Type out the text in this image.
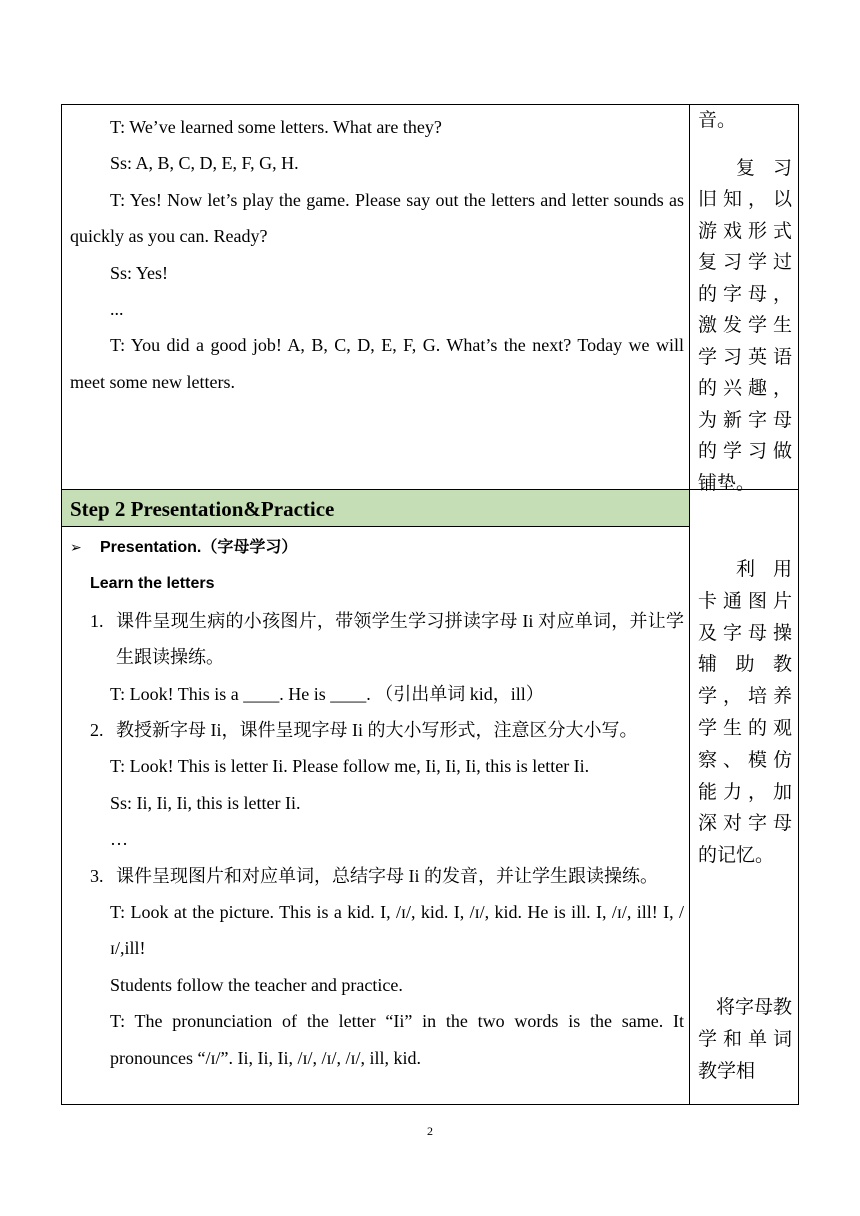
T: We’ve learned some letters. What are they?

Ss: A, B, C, D, E, F, G, H.

T: Yes! Now let’s play the game. Please say out the letters and letter sounds as quickly as you can. Ready?

Ss: Yes!

...

T: You did a good job! A, B, C, D, E, F, G. What’s the next? Today we will meet some new letters.

音。

复习旧知，以游戏形式复习学过的字母，激发学生学习英语的兴趣，为新字母的学习做铺垫。

Step 2 Presentation&Practice

➢ Presentation.（字母学习）

Learn the letters

1. 课件呈现生病的小孩图片，带领学生学习拼读字母 Ii 对应单词，并让学生跟读操练。

T: Look! This is a ____. He is ____. （引出单词 kid，ill）

2. 教授新字母 Ii，课件呈现字母 Ii 的大小写形式，注意区分大小写。

T: Look! This is letter Ii. Please follow me, Ii, Ii, Ii, this is letter Ii.

Ss: Ii, Ii, Ii, this is letter Ii.

…

3. 课件呈现图片和对应单词，总结字母 Ii 的发音，并让学生跟读操练。

T: Look at the picture. This is a kid. I, /ɪ/, kid. I, /ɪ/, kid. He is ill. I, /ɪ/, ill! I, /ɪ/,ill!

Students follow the teacher and practice.

T: The pronunciation of the letter “Ii” in the two words is the same. It pronounces “/ɪ/”. Ii, Ii, Ii, /ɪ/, /ɪ/, /ɪ/, ill, kid.

利用卡通图片及字母操辅助教学，培养学生的观察、模仿能力，加深对字母的记忆。

将字母教学和单词教学相

2
